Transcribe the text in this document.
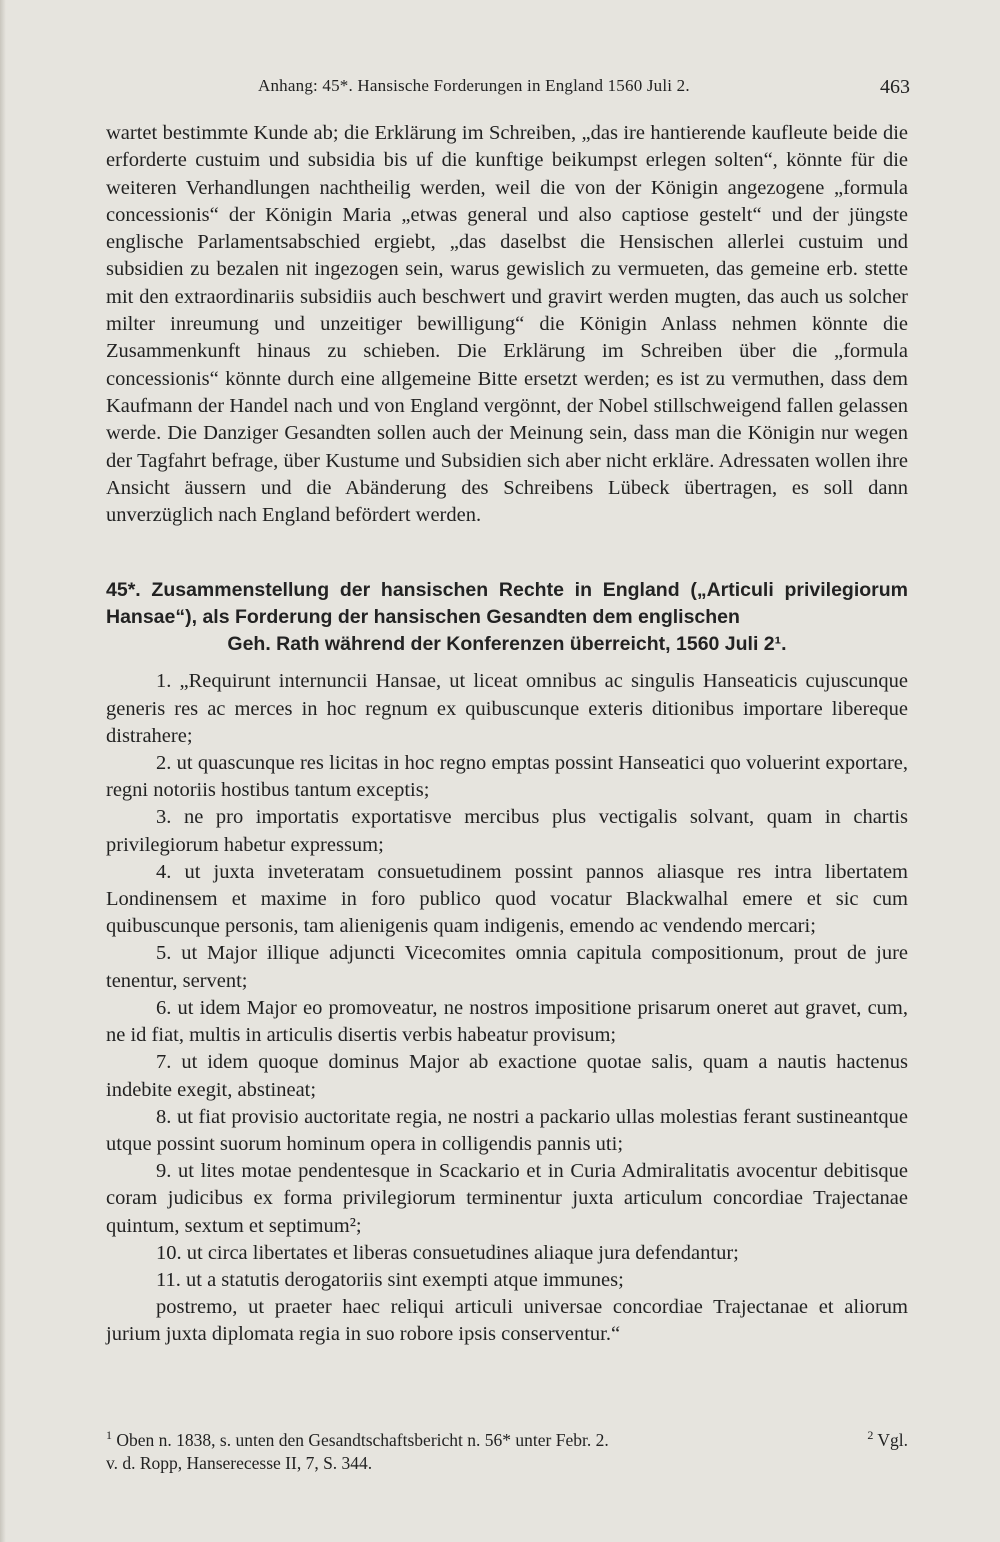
Anhang: 45*. Hansische Forderungen in England 1560 Juli 2.	463

wartet bestimmte Kunde ab; die Erklärung im Schreiben, „das ire hantierende kaufleute beide die erforderte custuim und subsidia bis uf die kunftige beikumpst erlegen solten“, könnte für die weiteren Verhandlungen nachtheilig werden, weil die von der Königin angezogene „formula concessionis“ der Königin Maria „etwas general und also captiose gestelt“ und der jüngste englische Parlamentsabschied ergiebt, „das daselbst die Hensischen allerlei custuim und subsidien zu bezalen nit ingezogen sein, warus gewislich zu vermueten, das gemeine erb. stette mit den extraordinariis subsidiis auch beschwert und gravirt werden mugten, das auch us solcher milter inreumung und unzeitiger bewilligung“ die Königin Anlass nehmen könnte die Zusammenkunft hinaus zu schieben. Die Erklärung im Schreiben über die „formula concessionis“ könnte durch eine allgemeine Bitte ersetzt werden; es ist zu vermuthen, dass dem Kaufmann der Handel nach und von England vergönnt, der Nobel stillschweigend fallen gelassen werde. Die Danziger Gesandten sollen auch der Meinung sein, dass man die Königin nur wegen der Tagfahrt befrage, über Kustume und Subsidien sich aber nicht erkläre. Adressaten wollen ihre Ansicht äussern und die Abänderung des Schreibens Lübeck übertragen, es soll dann unverzüglich nach England befördert werden.

45*. Zusammenstellung der hansischen Rechte in England („Articuli privilegiorum Hansae“), als Forderung der hansischen Gesandten dem englischen
Geh. Rath während der Konferenzen überreicht, 1560 Juli 2¹.

1. „Requirunt internuncii Hansae, ut liceat omnibus ac singulis Hanseaticis cujuscunque generis res ac merces in hoc regnum ex quibuscunque exteris ditionibus importare libereque distrahere;

2. ut quascunque res licitas in hoc regno emptas possint Hanseatici quo voluerint exportare, regni notoriis hostibus tantum exceptis;

3. ne pro importatis exportatisve mercibus plus vectigalis solvant, quam in chartis privilegiorum habetur expressum;

4. ut juxta inveteratam consuetudinem possint pannos aliasque res intra libertatem Londinensem et maxime in foro publico quod vocatur Blackwalhal emere et sic cum quibuscunque personis, tam alienigenis quam indigenis, emendo ac vendendo mercari;

5. ut Major illique adjuncti Vicecomites omnia capitula compositionum, prout de jure tenentur, servent;

6. ut idem Major eo promoveatur, ne nostros impositione prisarum oneret aut gravet, cum, ne id fiat, multis in articulis disertis verbis habeatur provisum;

7. ut idem quoque dominus Major ab exactione quotae salis, quam a nautis hactenus indebite exegit, abstineat;

8. ut fiat provisio auctoritate regia, ne nostri a packario ullas molestias ferant sustineantque utque possint suorum hominum opera in colligendis pannis uti;

9. ut lites motae pendentesque in Scackario et in Curia Admiralitatis avocentur debitisque coram judicibus ex forma privilegiorum terminentur juxta articulum concordiae Trajectanae quintum, sextum et septimum²;

10. ut circa libertates et liberas consuetudines aliaque jura defendantur;

11. ut a statutis derogatoriis sint exempti atque immunes;

postremo, ut praeter haec reliqui articuli universae concordiae Trajectanae et aliorum jurium juxta diplomata regia in suo robore ipsis conserventur.“

$^1$ Oben n. 1838, s. unten den Gesandtschaftsbericht n. 56* unter Febr. 2.	$^2$ Vgl.
v. d. Ropp, Hanserecesse II, 7, S. 344.
